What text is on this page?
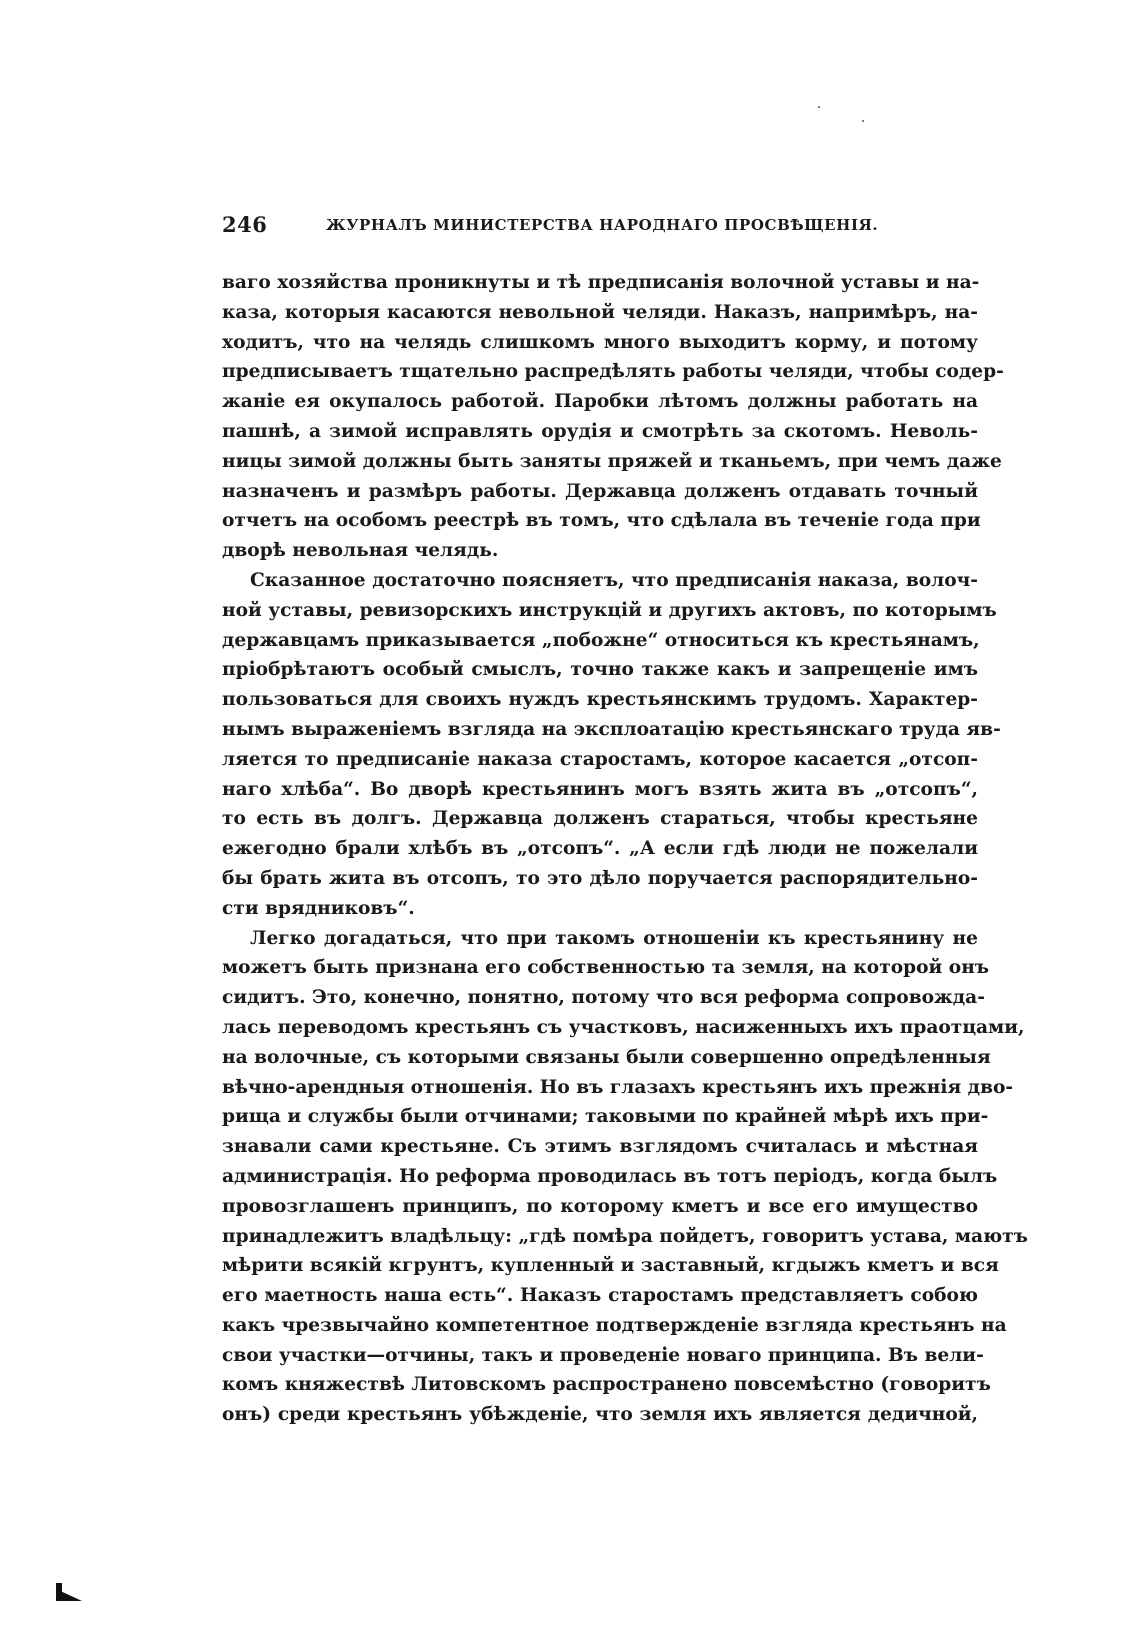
246	ЖУРНАЛЪ МИНИСТЕРСТВА НАРОДНАГО ПРОСВѢЩЕНІЯ.
ваго хозяйства проникнуты и тѣ предписанія волочной уставы и на-
каза, которыя касаются невольной челяди. Наказъ, напримѣръ, на-
ходитъ, что на челядь слишкомъ много выходитъ корму, и потому
предписываетъ тщательно распредѣлять работы челяди, чтобы содер-
жаніе ея окупалось работой. Паробки лѣтомъ должны работать на
пашнѣ, а зимой исправлять орудія и смотрѣть за скотомъ. Неволь-
ницы зимой должны быть заняты пряжей и тканьемъ, при чемъ даже
назначенъ и размѣръ работы. Державца долженъ отдавать точный
отчетъ на особомъ реестрѣ въ томъ, что сдѣлала въ теченіе года при
дворѣ невольная челядь.
Сказанное достаточно поясняетъ, что предписанія наказа, волоч-
ной уставы, ревизорскихъ инструкцій и другихъ актовъ, по которымъ
державцамъ приказывается „побожне“ относиться къ крестьянамъ,
пріобрѣтаютъ особый смыслъ, точно также какъ и запрещеніе имъ
пользоваться для своихъ нуждъ крестьянскимъ трудомъ. Характер-
нымъ выраженіемъ взгляда на эксплоатацію крестьянскаго труда яв-
ляется то предписаніе наказа старостамъ, которое касается „отсоп-
наго хлѣба“. Во дворѣ крестьянинъ могъ взять жита въ „отсопъ“,
то есть въ долгъ. Державца долженъ стараться, чтобы крестьяне
ежегодно брали хлѣбъ въ „отсопъ“. „А если гдѣ люди не пожелали
бы брать жита въ отсопъ, то это дѣло поручается распорядительно-
сти врядниковъ“.
Легко догадаться, что при такомъ отношеніи къ крестьянину не
можетъ быть признана его собственностью та земля, на которой онъ
сидитъ. Это, конечно, понятно, потому что вся реформа сопровожда-
лась переводомъ крестьянъ съ участковъ, насиженныхъ ихъ праотцами,
на волочные, съ которыми связаны были совершенно опредѣленныя
вѣчно-арендныя отношенія. Но въ глазахъ крестьянъ ихъ прежнія дво-
рища и службы были отчинами; таковыми по крайней мѣрѣ ихъ при-
знавали сами крестьяне. Съ этимъ взглядомъ считалась и мѣстная
администрація. Но реформа проводилась въ тотъ періодъ, когда былъ
провозглашенъ принципъ, по которому кметъ и все его имущество
принадлежитъ владѣльцу: „гдѣ помѣра пойдетъ, говоритъ устава, маютъ
мѣрити всякій кгрунтъ, купленный и заставный, кгдыжъ кметъ и вся
его маетность наша есть“. Наказъ старостамъ представляетъ собою
какъ чрезвычайно компетентное подтвержденіе взгляда крестьянъ на
свои участки—отчины, такъ и проведеніе новаго принципа. Въ вели-
комъ княжествѣ Литовскомъ распространено повсемѣстно (говоритъ
онъ) среди крестьянъ убѣжденіе, что земля ихъ является дедичной,
